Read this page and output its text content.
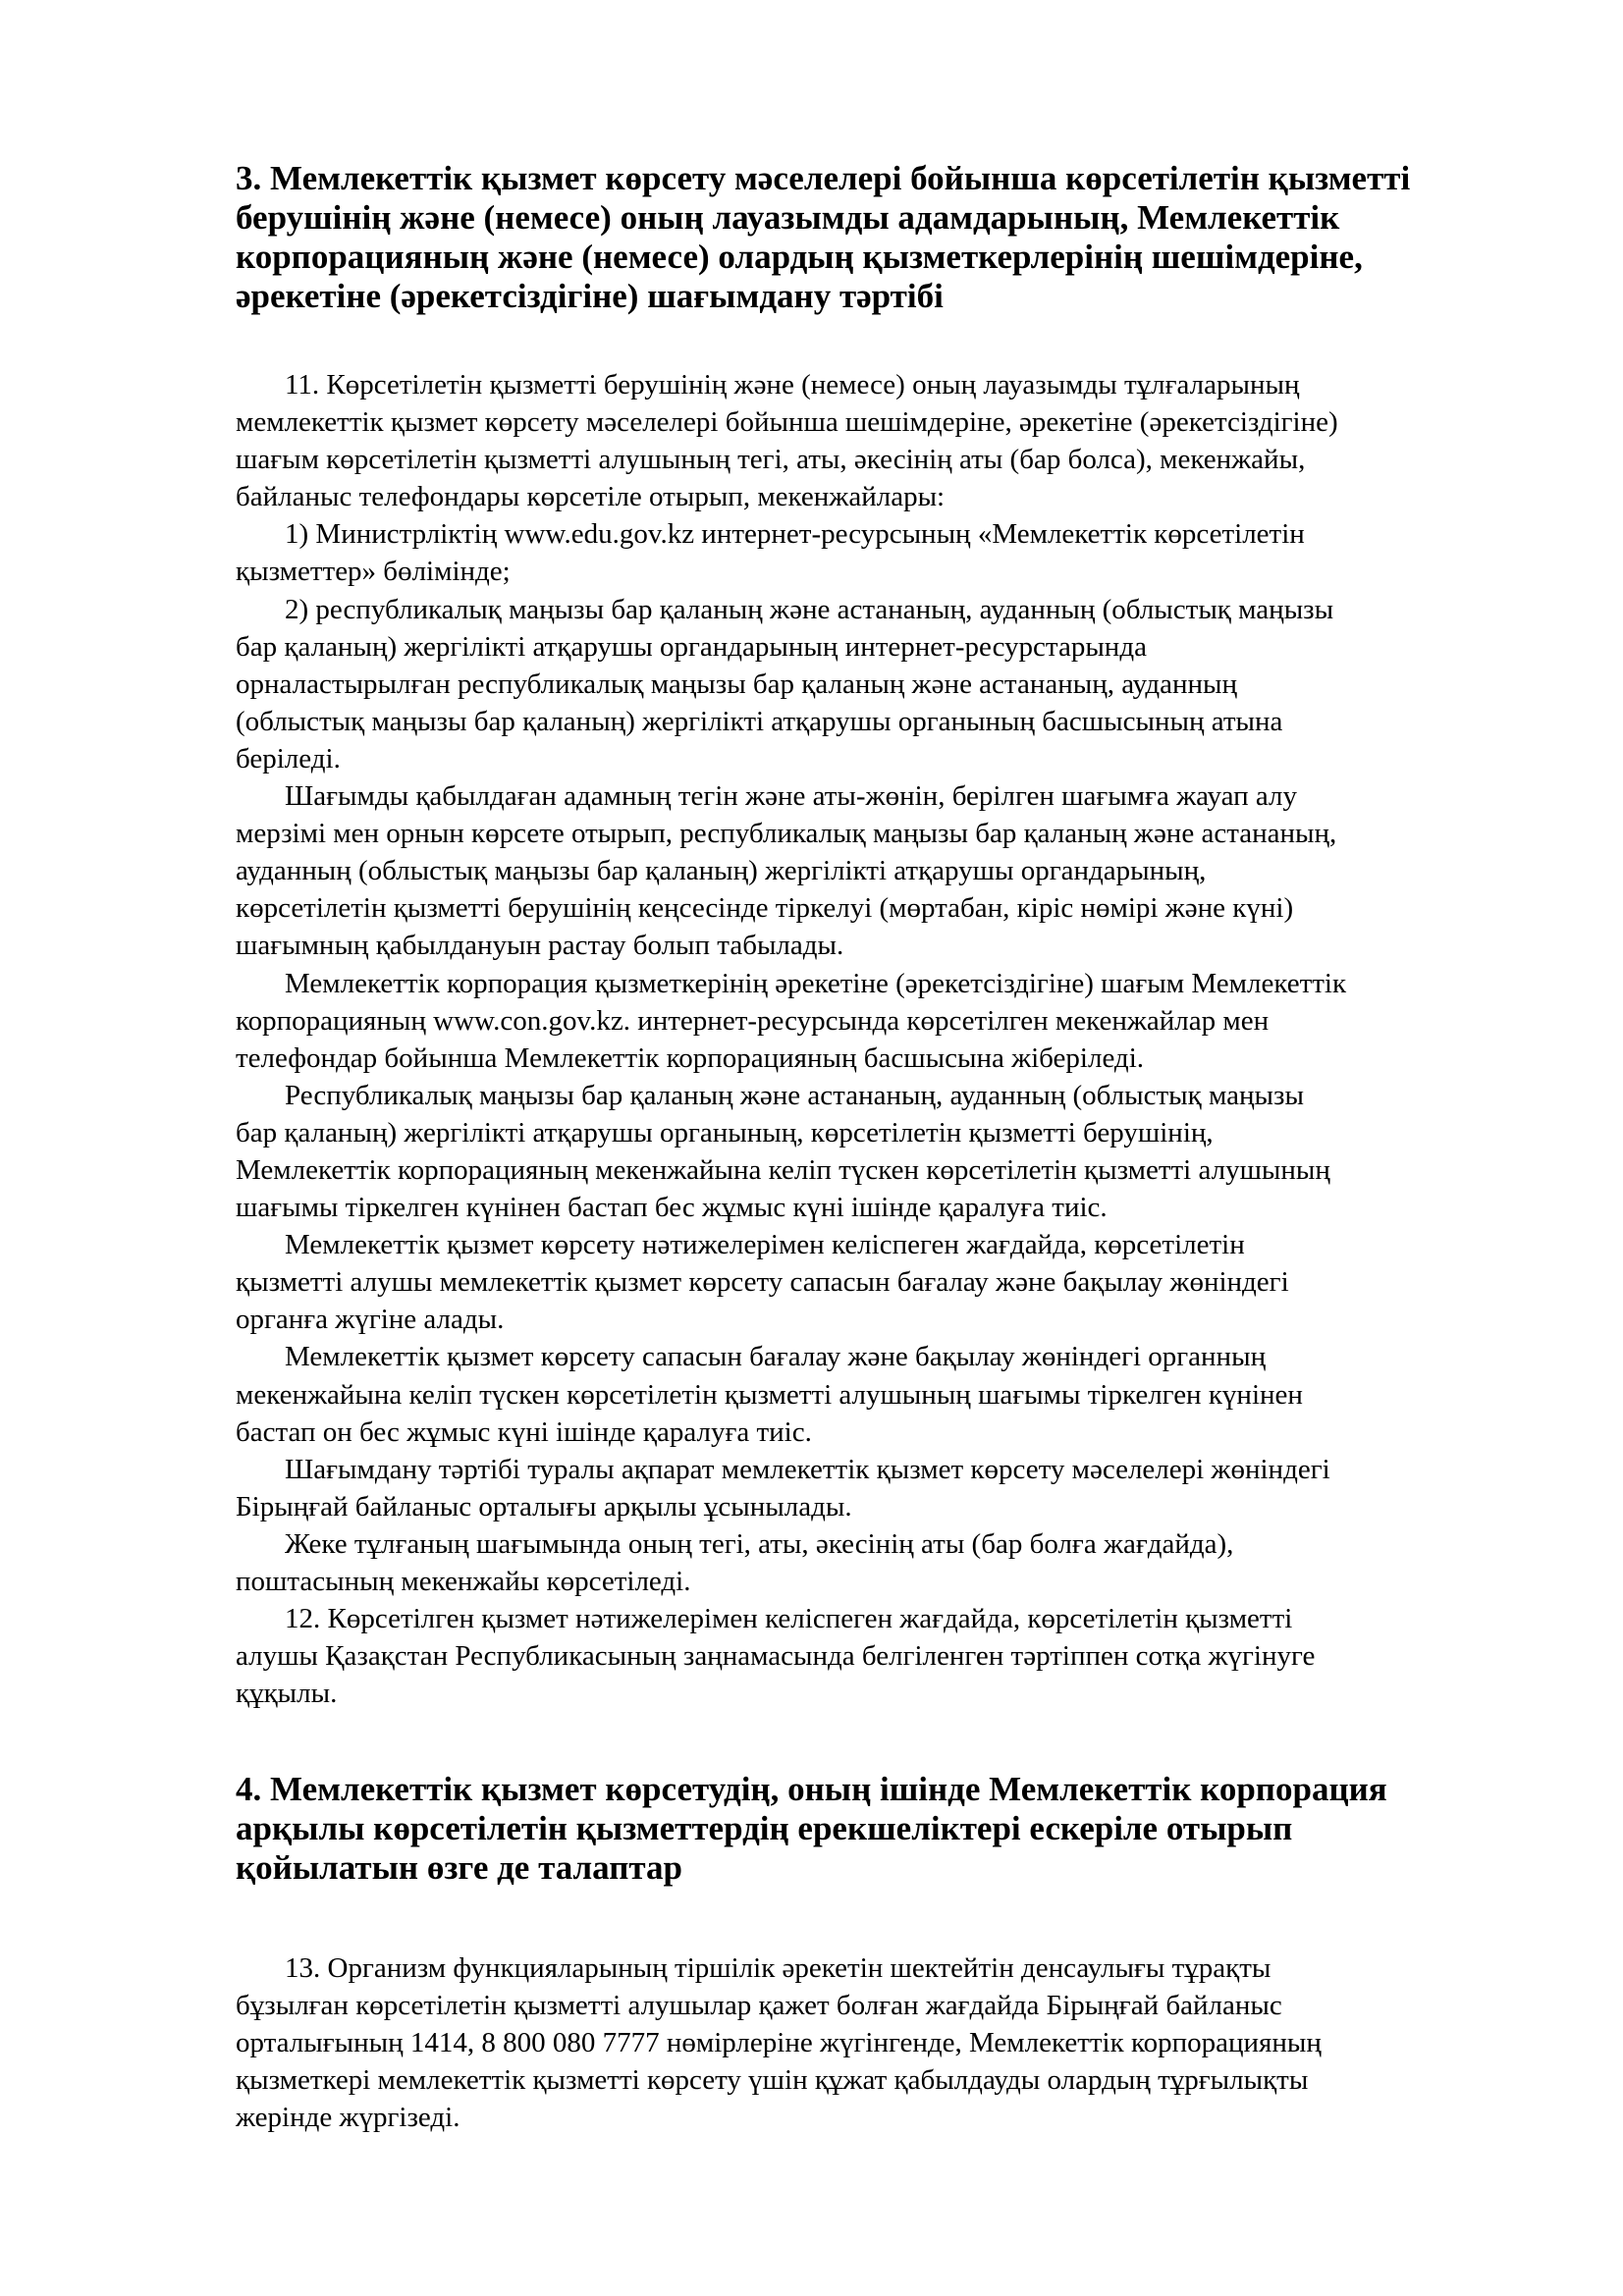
3. Мемлекеттік қызмет көрсету мәселелері бойынша көрсетілетін қызметті
берушінің және (немесе) оның лауазымды адамдарының, Мемлекеттік
корпорацияның және (немесе) олардың қызметкерлерінің шешімдеріне,
әрекетіне (әрекетсіздігіне) шағымдану тәртібі
11. Көрсетілетін қызметті берушінің және (немесе) оның лауазымды тұлғаларының
мемлекеттік қызмет көрсету мәселелері бойынша шешімдеріне, әрекетіне (әрекетсіздігіне)
шағым көрсетілетін қызметті алушының тегі, аты, әкесінің аты (бар болса), мекенжайы,
байланыс телефондары көрсетіле отырып, мекенжайлары:
1) Министрліктің www.edu.gov.kz интернет-ресурсының «Мемлекеттік көрсетілетін
қызметтер» бөлімінде;
2) республикалық маңызы бар қаланың және астананың, ауданның (облыстық маңызы
бар қаланың) жергілікті атқарушы органдарының интернет-ресурстарында
орналастырылған республикалық маңызы бар қаланың және астананың, ауданның
(облыстық маңызы бар қаланың) жергілікті атқарушы органының басшысының атына
беріледі.
Шағымды қабылдаған адамның тегін және аты-жөнін, берілген шағымға жауап алу
мерзімі мен орнын көрсете отырып, республикалық маңызы бар қаланың және астананың,
ауданның (облыстық маңызы бар қаланың) жергілікті атқарушы органдарының,
көрсетілетін қызметті берушінің кеңсесінде тіркелуі (мөртабан, кіріс нөмірі және күні)
шағымның қабылдануын растау болып табылады.
Мемлекеттік корпорация қызметкерінің әрекетіне (әрекетсіздігіне) шағым Мемлекеттік
корпорацияның www.con.gov.kz. интернет-ресурсында көрсетілген мекенжайлар мен
телефондар бойынша Мемлекеттік корпорацияның басшысына жіберіледі.
Республикалық маңызы бар қаланың және астананың, ауданның (облыстық маңызы
бар қаланың) жергілікті атқарушы органының, көрсетілетін қызметті берушінің,
Мемлекеттік корпорацияның мекенжайына келіп түскен көрсетілетін қызметті алушының
шағымы тіркелген күнінен бастап бес жұмыс күні ішінде қаралуға тиіс.
Мемлекеттік қызмет көрсету нәтижелерімен келіспеген жағдайда, көрсетілетін
қызметті алушы мемлекеттік қызмет көрсету сапасын бағалау және бақылау жөніндегі
органға жүгіне алады.
Мемлекеттік қызмет көрсету сапасын бағалау және бақылау жөніндегі органның
мекенжайына келіп түскен көрсетілетін қызметті алушының шағымы тіркелген күнінен
бастап он бес жұмыс күні ішінде қаралуға тиіс.
Шағымдану тәртібі туралы ақпарат мемлекеттік қызмет көрсету мәселелері жөніндегі
Бірыңғай байланыс орталығы арқылы ұсынылады.
Жеке тұлғаның шағымында оның тегі, аты, әкесінің аты (бар болға жағдайда),
поштасының мекенжайы көрсетіледі.
12. Көрсетілген қызмет нәтижелерімен келіспеген жағдайда, көрсетілетін қызметті
алушы Қазақстан Республикасының заңнамасында белгіленген тәртіппен сотқа жүгінуге
құқылы.
4. Мемлекеттік қызмет көрсетудің, оның ішінде Мемлекеттік корпорация
арқылы көрсетілетін қызметтердің ерекшеліктері ескеріле отырып
қойылатын өзге де талаптар
13. Организм функцияларының тіршілік әрекетін шектейтін денсаулығы тұрақты
бұзылған көрсетілетін қызметті алушылар қажет болған жағдайда Бірыңғай байланыс
орталығының 1414, 8 800 080 7777 нөмірлеріне жүгінгенде, Мемлекеттік корпорацияның
қызметкері мемлекеттік қызметті көрсету үшін құжат қабылдауды олардың тұрғылықты
жерінде жүргізеді.
